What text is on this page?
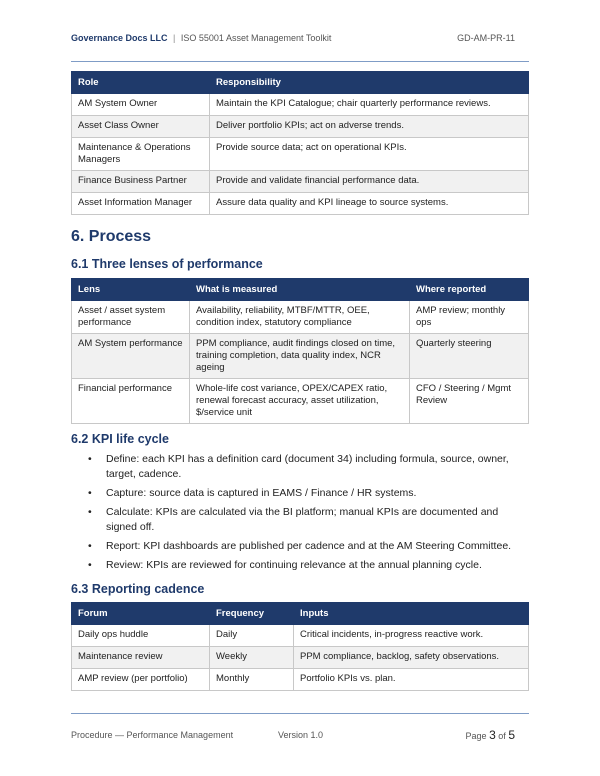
Governance Docs LLC | ISO 55001 Asset Management Toolkit	GD-AM-PR-11
Role	Responsibility
AM System Owner	Maintain the KPI Catalogue; chair quarterly performance reviews.
Asset Class Owner	Deliver portfolio KPIs; act on adverse trends.
Maintenance & Operations Managers	Provide source data; act on operational KPIs.
Finance Business Partner	Provide and validate financial performance data.
Asset Information Manager	Assure data quality and KPI lineage to source systems.
6. Process
6.1 Three lenses of performance
Lens	What is measured	Where reported
Asset / asset system performance	Availability, reliability, MTBF/MTTR, OEE, condition index, statutory compliance	AMP review; monthly ops
AM System performance	PPM compliance, audit findings closed on time, training completion, data quality index, NCR ageing	Quarterly steering
Financial performance	Whole-life cost variance, OPEX/CAPEX ratio, renewal forecast accuracy, asset utilization, $/service unit	CFO / Steering / Mgmt Review
6.2 KPI life cycle
• Define: each KPI has a definition card (document 34) including formula, source, owner, target, cadence.
• Capture: source data is captured in EAMS / Finance / HR systems.
• Calculate: KPIs are calculated via the BI platform; manual KPIs are documented and signed off.
• Report: KPI dashboards are published per cadence and at the AM Steering Committee.
• Review: KPIs are reviewed for continuing relevance at the annual planning cycle.
6.3 Reporting cadence
Forum	Frequency	Inputs
Daily ops huddle	Daily	Critical incidents, in-progress reactive work.
Maintenance review	Weekly	PPM compliance, backlog, safety observations.
AMP review (per portfolio)	Monthly	Portfolio KPIs vs. plan.
Procedure — Performance Management	Version 1.0	Page 3 of 5
